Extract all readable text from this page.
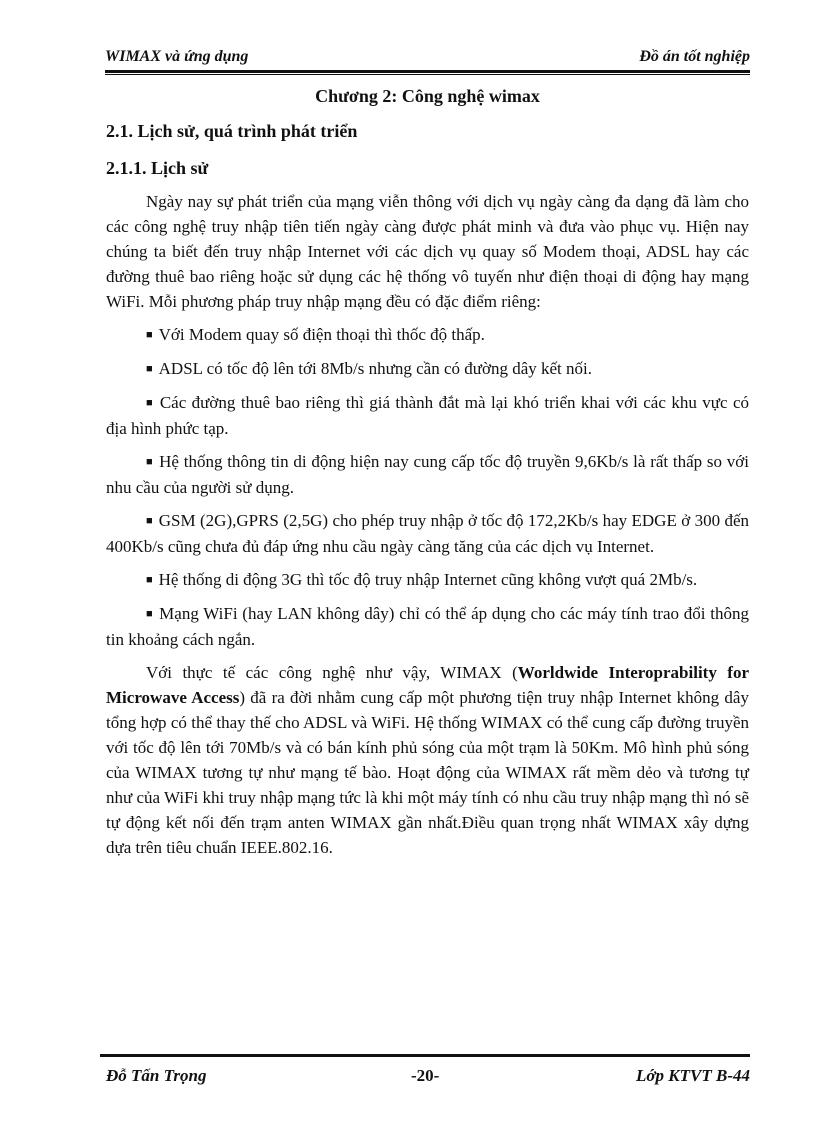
WIMAX và ứng dụng	Đồ án tốt nghiệp
Chương 2: Công nghệ wimax
2.1. Lịch sử, quá trình phát triển
2.1.1. Lịch sử

Ngày nay sự phát triển của mạng viễn thông với dịch vụ ngày càng đa dạng đã làm cho các công nghệ truy nhập tiên tiến ngày càng được phát minh và đưa vào phục vụ. Hiện nay chúng ta biết đến truy nhập Internet với các dịch vụ quay số Modem thoại, ADSL hay các đường thuê bao riêng hoặc sử dụng các hệ thống vô tuyến như điện thoại di động hay mạng WiFi. Mỗi phương pháp truy nhập mạng đều có đặc điểm riêng:

■ Với Modem quay số điện thoại thì thốc độ thấp.

■ ADSL có tốc độ lên tới 8Mb/s nhưng cần có đường dây kết nối.

■ Các đường thuê bao riêng thì giá thành đắt mà lại khó triển khai với các khu vực có địa hình phức tạp.

■ Hệ thống thông tin di động hiện nay cung cấp tốc độ truyền 9,6Kb/s là rất thấp so với nhu cầu của người sử dụng.

■ GSM (2G),GPRS (2,5G) cho phép truy nhập ở tốc độ 172,2Kb/s hay EDGE ở 300 đến 400Kb/s cũng chưa đủ đáp ứng nhu cầu ngày càng tăng của các dịch vụ Internet.

■ Hệ thống di động 3G thì tốc độ truy nhập Internet cũng không vượt quá 2Mb/s.

■ Mạng WiFi (hay LAN không dây) chỉ có thể áp dụng cho các máy tính trao đổi thông tin khoảng cách ngắn.

Với thực tế các công nghệ như vậy, WIMAX (Worldwide Interoprability for Microwave Access) đã ra đời nhằm cung cấp một phương tiện truy nhập Internet không dây tổng hợp có thể thay thế cho ADSL và WiFi. Hệ thống WIMAX có thể cung cấp đường truyền với tốc độ lên tới 70Mb/s và có bán kính phủ sóng của một trạm là 50Km. Mô hình phủ sóng của WIMAX tương tự như mạng tế bào. Hoạt động của WIMAX rất mềm dẻo và tương tự như của WiFi khi truy nhập mạng tức là khi một máy tính có nhu cầu truy nhập mạng thì nó sẽ tự động kết nối đến trạm anten WIMAX gần nhất.Điều quan trọng nhất WIMAX xây dựng dựa trên tiêu chuẩn IEEE.802.16.

Đỗ Tấn Trọng	-20-	Lớp KTVT B-44
